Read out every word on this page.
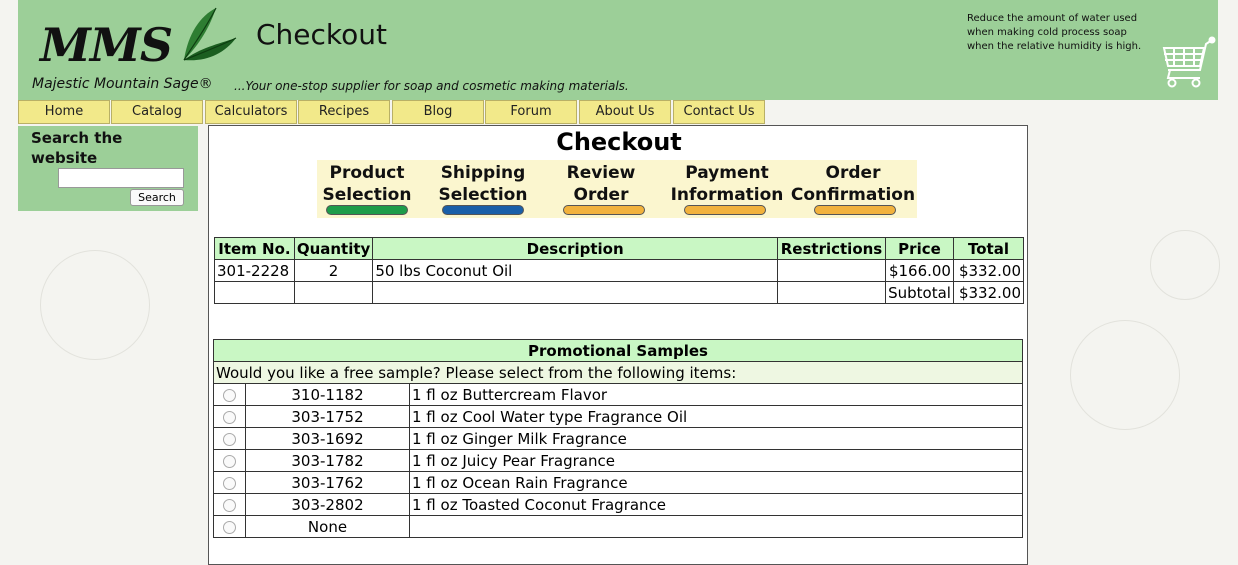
MMS	Checkout
Majestic Mountain Sage® ...Your one-stop supplier for soap and cosmetic making materials.
Reduce the amount of water used
when making cold process soap
when the relative humidity is high.
Home	Catalog	Calculators	Recipes	Blog	Forum	About Us	Contact Us
Search the website
Search
Checkout
Product
Selection
Shipping
Selection
Review
Order
Payment
Information
Order
Confirmation
Item No.	Quantity	Description	Restrictions	Price	Total
301-2228	2	50 lbs Coconut Oil		$166.00	$332.00
				Subtotal	$332.00
Promotional Samples		
Would you like a free sample? Please select from the following items:		
	310-1182	1 fl oz Buttercream Flavor
	303-1752	1 fl oz Cool Water type Fragrance Oil
	303-1692	1 fl oz Ginger Milk Fragrance
	303-1782	1 fl oz Juicy Pear Fragrance
	303-1762	1 fl oz Ocean Rain Fragrance
	303-2802	1 fl oz Toasted Coconut Fragrance
	None	
